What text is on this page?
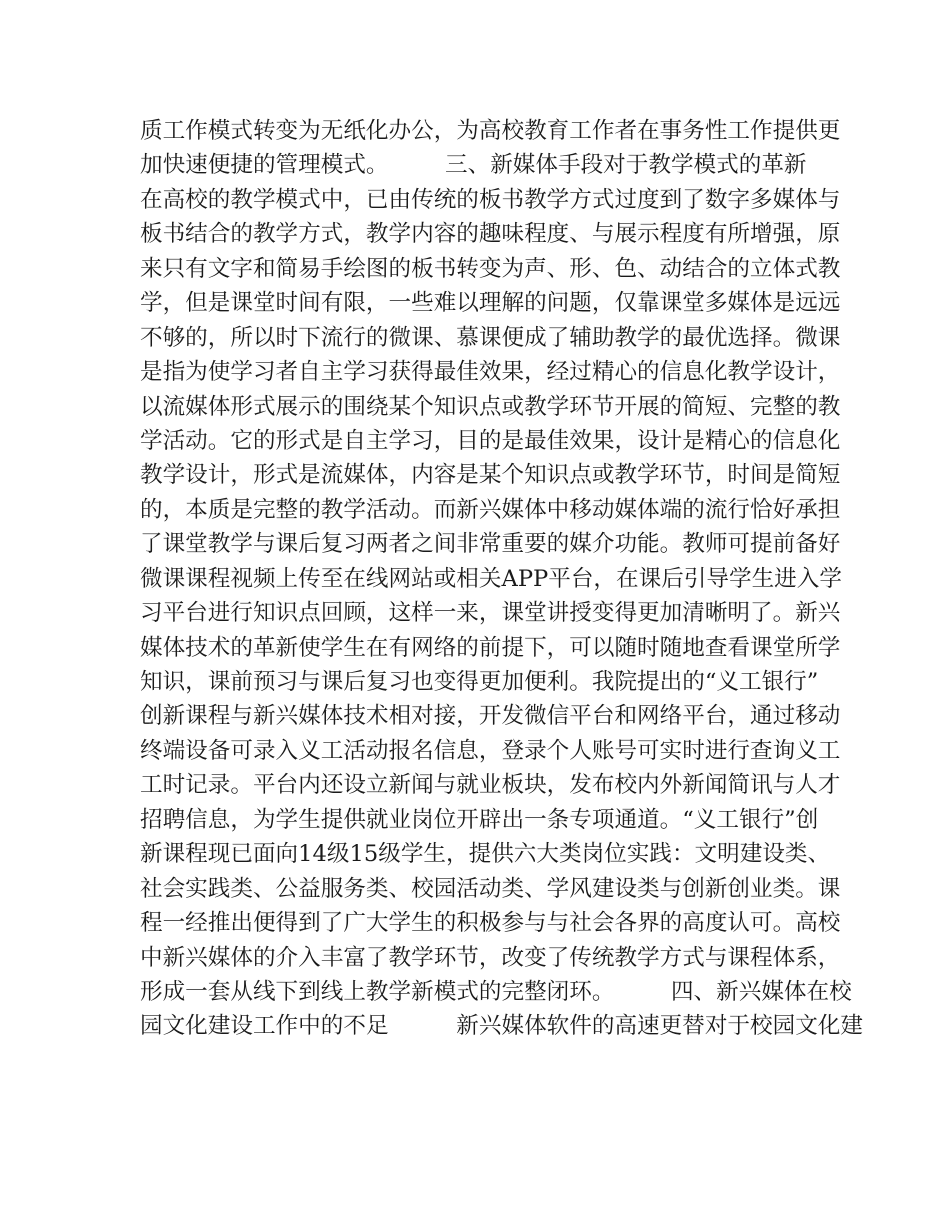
质工作模式转变为无纸化办公，为高校教育工作者在事务性工作提供更
加快速便捷的管理模式。　　　三、新媒体手段对于教学模式的革新
在高校的教学模式中，已由传统的板书教学方式过度到了数字多媒体与
板书结合的教学方式，教学内容的趣味程度、与展示程度有所增强，原
来只有文字和简易手绘图的板书转变为声、形、色、动结合的立体式教
学，但是课堂时间有限，一些难以理解的问题，仅靠课堂多媒体是远远
不够的，所以时下流行的微课、慕课便成了辅助教学的最优选择。微课
是指为使学习者自主学习获得最佳效果，经过精心的信息化教学设计，
以流媒体形式展示的围绕某个知识点或教学环节开展的简短、完整的教
学活动。它的形式是自主学习，目的是最佳效果，设计是精心的信息化
教学设计，形式是流媒体，内容是某个知识点或教学环节，时间是简短
的，本质是完整的教学活动。而新兴媒体中移动媒体端的流行恰好承担
了课堂教学与课后复习两者之间非常重要的媒介功能。教师可提前备好
微课课程视频上传至在线网站或相关APP平台，在课后引导学生进入学
习平台进行知识点回顾，这样一来，课堂讲授变得更加清晰明了。新兴
媒体技术的革新使学生在有网络的前提下，可以随时随地查看课堂所学
知识，课前预习与课后复习也变得更加便利。我院提出的“义工银行”
创新课程与新兴媒体技术相对接，开发微信平台和网络平台，通过移动
终端设备可录入义工活动报名信息，登录个人账号可实时进行查询义工
工时记录。平台内还设立新闻与就业板块，发布校内外新闻简讯与人才
招聘信息，为学生提供就业岗位开辟出一条专项通道。“义工银行”创
新课程现已面向14级15级学生，提供六大类岗位实践：文明建设类、
社会实践类、公益服务类、校园活动类、学风建设类与创新创业类。课
程一经推出便得到了广大学生的积极参与与社会各界的高度认可。高校
中新兴媒体的介入丰富了教学环节，改变了传统教学方式与课程体系，
形成一套从线下到线上教学新模式的完整闭环。　　　四、新兴媒体在校
园文化建设工作中的不足　　　新兴媒体软件的高速更替对于校园文化建
